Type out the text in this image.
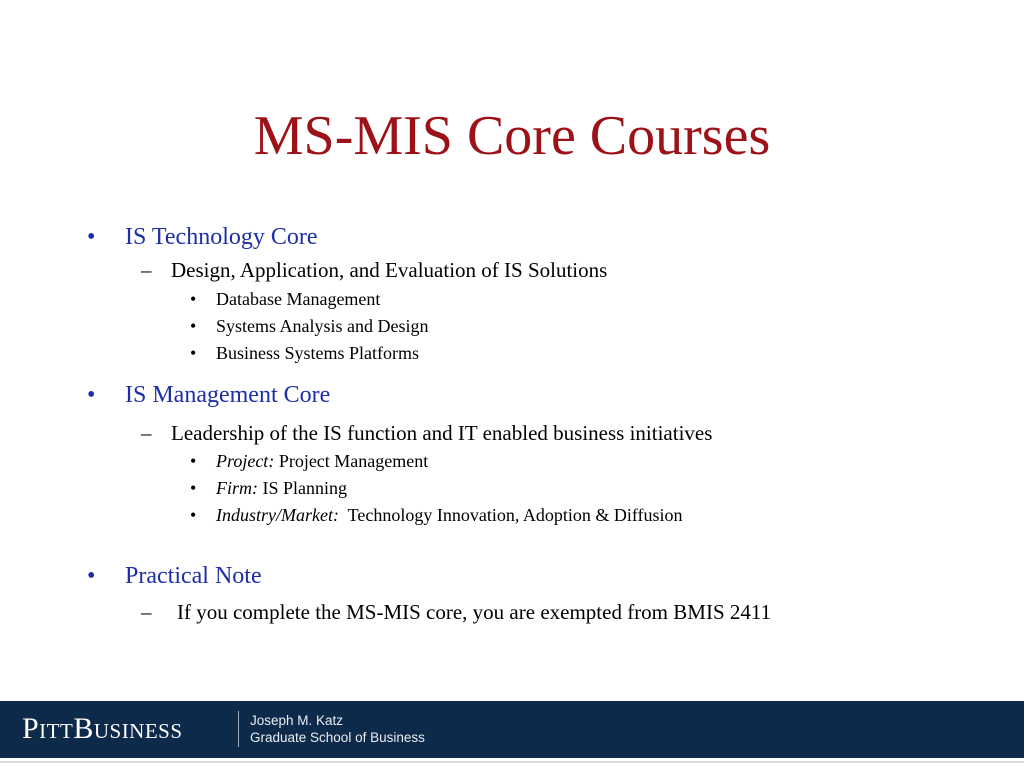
MS-MIS Core Courses
• IS Technology Core
– Design, Application, and Evaluation of IS Solutions
• Database Management
• Systems Analysis and Design
• Business Systems Platforms
• IS Management Core
– Leadership of the IS function and IT enabled business initiatives
• Project: Project Management
• Firm: IS Planning
• Industry/Market: Technology Innovation, Adoption & Diffusion
• Practical Note
– If you complete the MS-MIS core, you are exempted from BMIS 2411
PittBusiness	Joseph M. Katz
Graduate School of Business
